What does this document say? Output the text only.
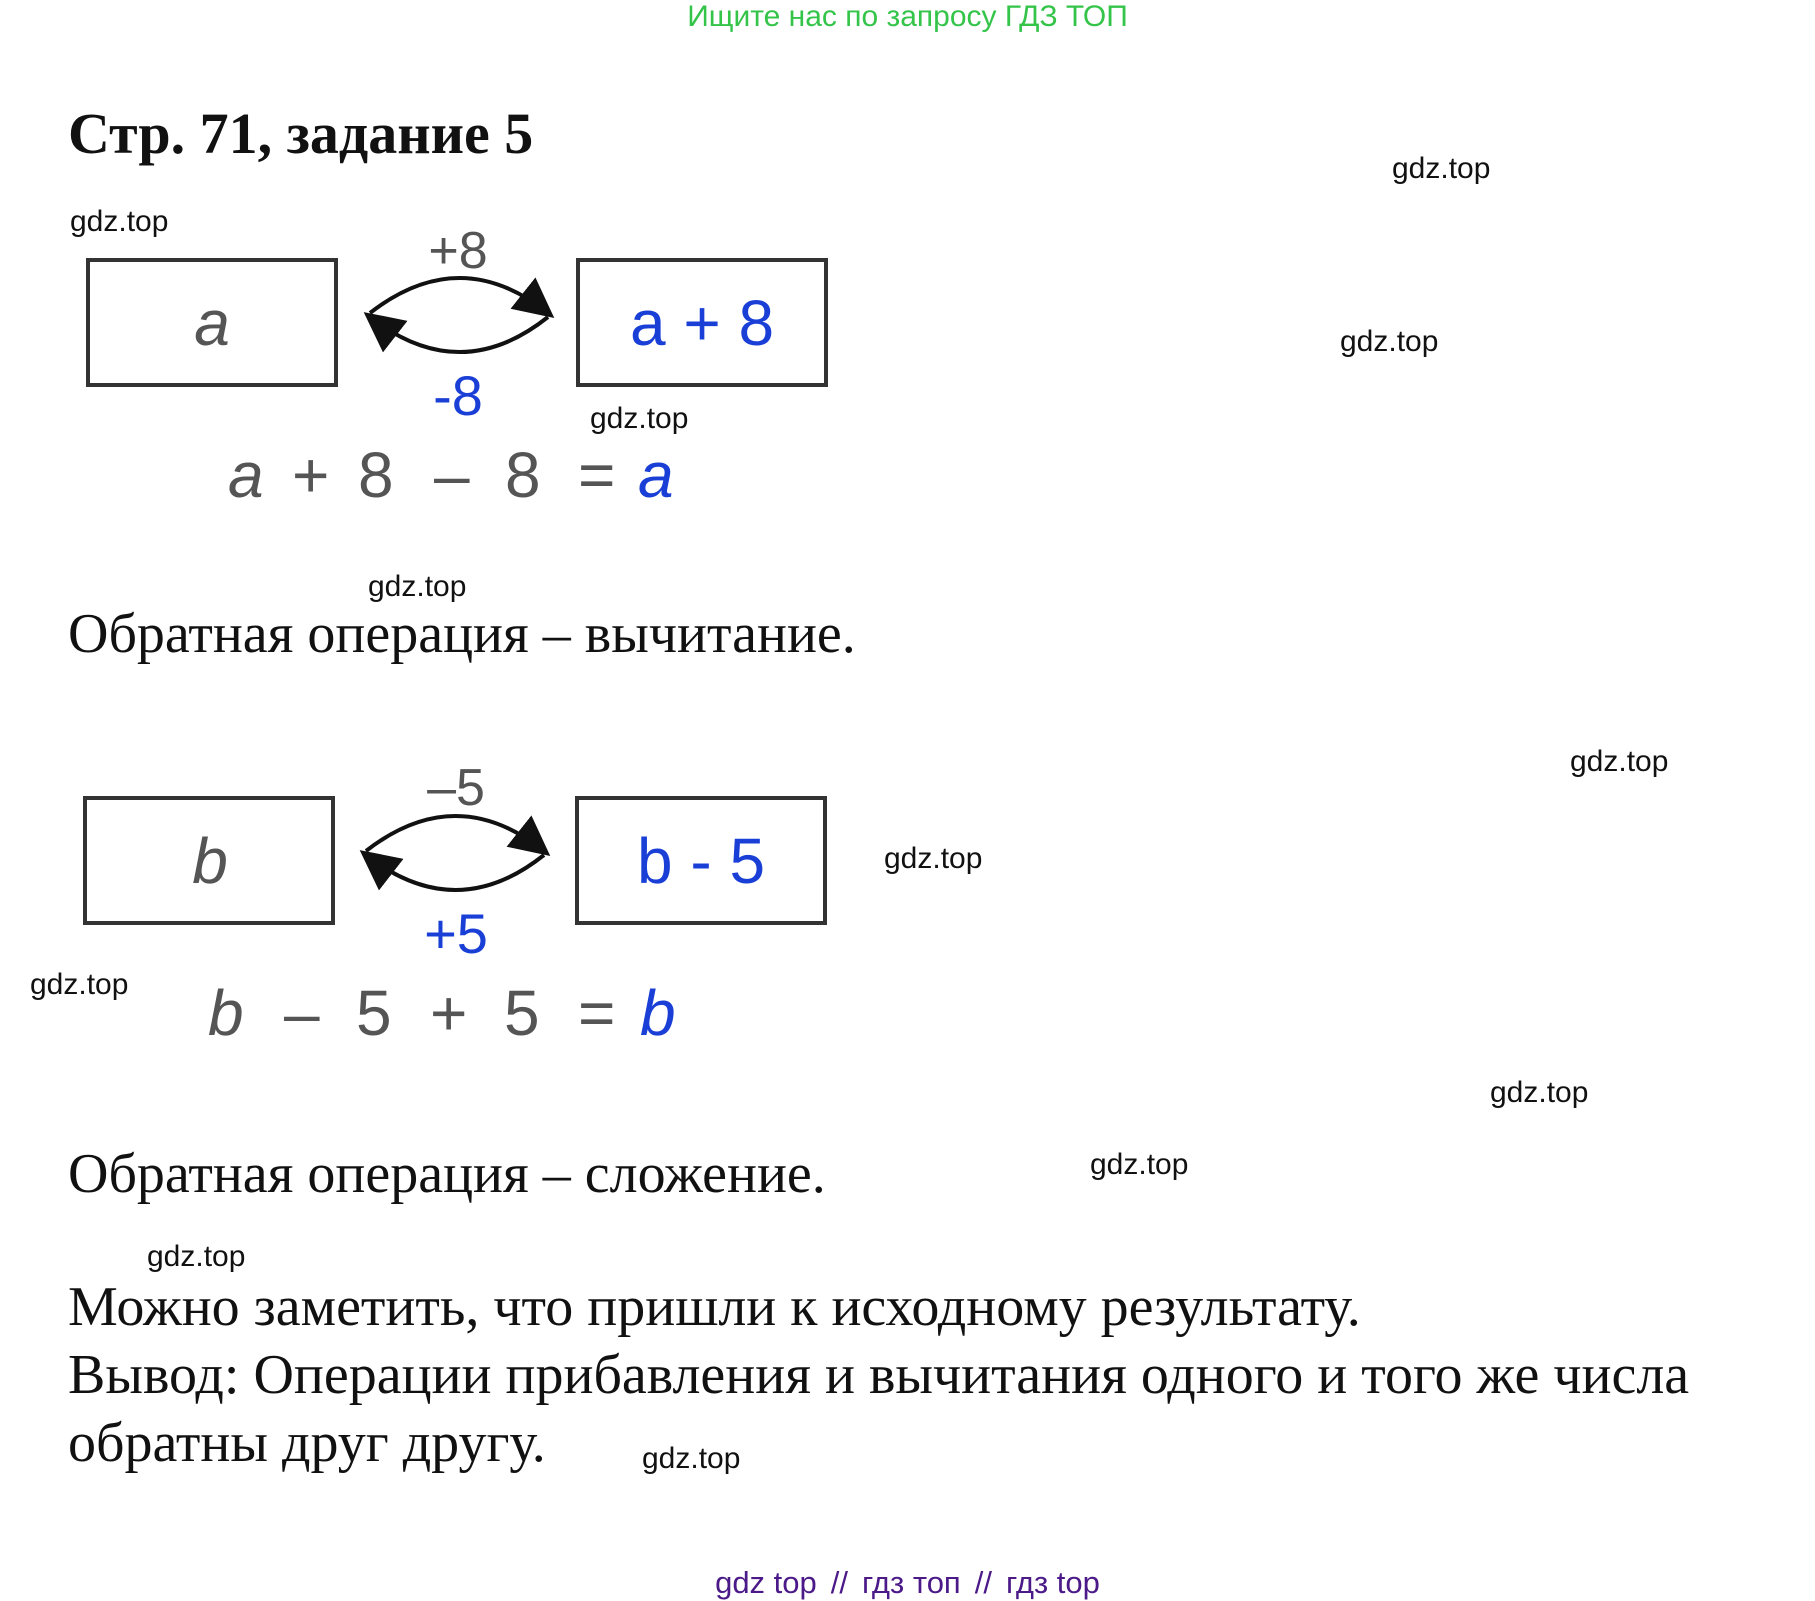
Ищите нас по запросу ГДЗ ТОП
Стр. 71, задание 5
a	a + 8
+8
-8
a + 8 – 8 = a
Обратная операция – вычитание.
b	b - 5
–5
+5
b – 5 + 5 = b
Обратная операция – сложение.
Можно заметить, что пришли к исходному результату.
Вывод: Операции прибавления и вычитания одного и того же числа
обратны друг другу.
gdz.top
gdz.top
gdz.top
gdz.top
gdz.top
gdz.top
gdz.top
gdz.top
gdz.top
gdz.top
gdz.top
gdz.top
gdz top // гдз топ // гдз top
